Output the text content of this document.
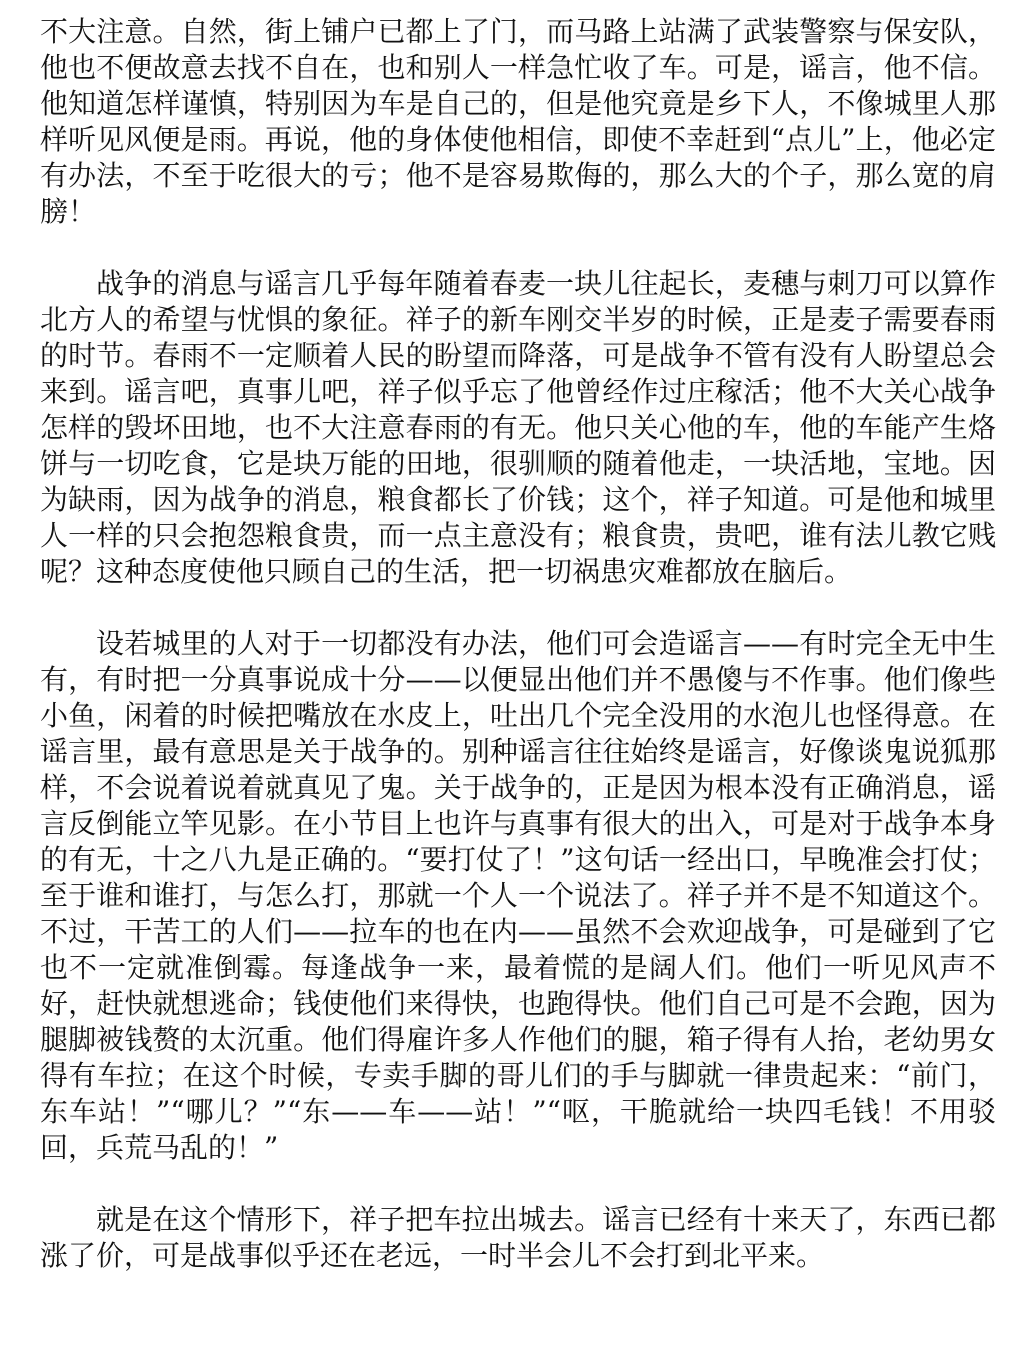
不大注意。自然，街上铺户已都上了门，而马路上站满了武装警察与保安队，他也不便故意去找不自在，也和别人一样急忙收了车。可是，谣言，他不信。他知道怎样谨慎，特别因为车是自己的，但是他究竟是乡下人，不像城里人那样听见风便是雨。再说，他的身体使他相信，即使不幸赶到“点儿”上，他必定有办法，不至于吃很大的亏；他不是容易欺侮的，那么大的个子，那么宽的肩膀！

战争的消息与谣言几乎每年随着春麦一块儿往起长，麦穗与刺刀可以算作北方人的希望与忧惧的象征。祥子的新车刚交半岁的时候，正是麦子需要春雨的时节。春雨不一定顺着人民的盼望而降落，可是战争不管有没有人盼望总会来到。谣言吧，真事儿吧，祥子似乎忘了他曾经作过庄稼活；他不大关心战争怎样的毁坏田地，也不大注意春雨的有无。他只关心他的车，他的车能产生烙饼与一切吃食，它是块万能的田地，很驯顺的随着他走，一块活地，宝地。因为缺雨，因为战争的消息，粮食都长了价钱；这个，祥子知道。可是他和城里人一样的只会抱怨粮食贵，而一点主意没有；粮食贵，贵吧，谁有法儿教它贱呢？这种态度使他只顾自己的生活，把一切祸患灾难都放在脑后。

设若城里的人对于一切都没有办法，他们可会造谣言——有时完全无中生有，有时把一分真事说成十分——以便显出他们并不愚傻与不作事。他们像些小鱼，闲着的时候把嘴放在水皮上，吐出几个完全没用的水泡儿也怪得意。在谣言里，最有意思是关于战争的。别种谣言往往始终是谣言，好像谈鬼说狐那样，不会说着说着就真见了鬼。关于战争的，正是因为根本没有正确消息，谣言反倒能立竿见影。在小节目上也许与真事有很大的出入，可是对于战争本身的有无，十之八九是正确的。“要打仗了！”这句话一经出口，早晚准会打仗；至于谁和谁打，与怎么打，那就一个人一个说法了。祥子并不是不知道这个。不过，干苦工的人们——拉车的也在内——虽然不会欢迎战争，可是碰到了它也不一定就准倒霉。每逢战争一来，最着慌的是阔人们。他们一听见风声不好，赶快就想逃命；钱使他们来得快，也跑得快。他们自己可是不会跑，因为腿脚被钱赘的太沉重。他们得雇许多人作他们的腿，箱子得有人抬，老幼男女得有车拉；在这个时候，专卖手脚的哥儿们的手与脚就一律贵起来：“前门，东车站！”“哪儿？”“东——车——站！”“呕，干脆就给一块四毛钱！不用驳回，兵荒马乱的！”

就是在这个情形下，祥子把车拉出城去。谣言已经有十来天了，东西已都涨了价，可是战事似乎还在老远，一时半会儿不会打到北平来。
